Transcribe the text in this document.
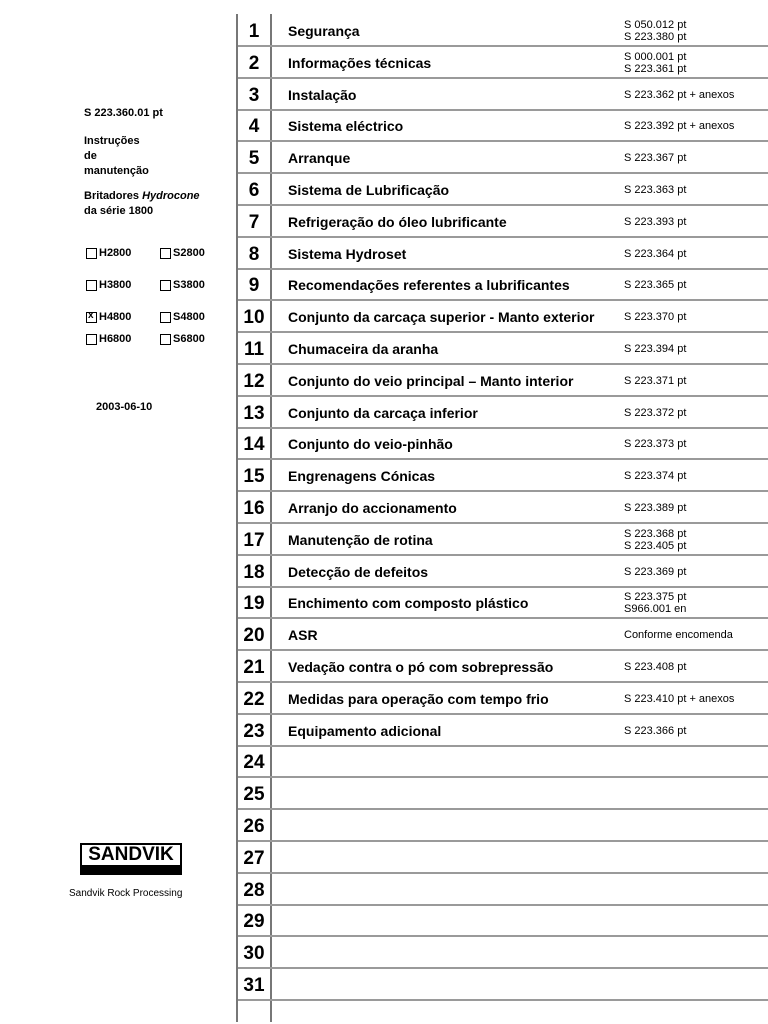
S 223.360.01 pt
Instruções
de
manutenção
Britadores Hydrocone
da série 1800
H2800	S2800
H3800	S3800
x
H4800	S4800
H6800	S6800
2003-06-10
SANDVIK
Sandvik Rock Processing
1	Segurança	S 050.012 pt
S 223.380 pt
2	Informações técnicas	S 000.001 pt
S 223.361 pt
3	Instalação	S 223.362 pt + anexos
4	Sistema eléctrico	S 223.392 pt + anexos
5	Arranque	S 223.367 pt
6	Sistema de Lubrificação	S 223.363 pt
7	Refrigeração do óleo lubrificante	S 223.393 pt
8	Sistema Hydroset	S 223.364 pt
9	Recomendações referentes a lubrificantes	S 223.365 pt
10	Conjunto da carcaça superior - Manto exterior	S 223.370 pt
11	Chumaceira da aranha	S 223.394 pt
12	Conjunto do veio principal – Manto interior	S 223.371 pt
13	Conjunto da carcaça inferior	S 223.372 pt
14	Conjunto do veio-pinhão	S 223.373 pt
15	Engrenagens Cónicas	S 223.374 pt
16	Arranjo do accionamento	S 223.389 pt
17	Manutenção de rotina	S 223.368 pt
S 223.405 pt
18	Detecção de defeitos	S 223.369 pt
19	Enchimento com composto plástico	S 223.375 pt
S966.001 en
20	ASR	Conforme encomenda
21	Vedação contra o pó com sobrepressão	S 223.408 pt
22	Medidas para operação com tempo frio	S 223.410 pt + anexos
23	Equipamento adicional	S 223.366 pt
24
25
26
27
28
29
30
31
